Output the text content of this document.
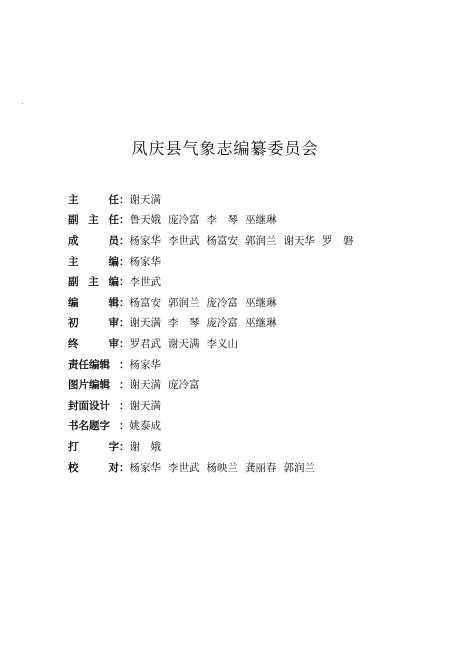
凤庆县气象志编纂委员会
主	任 ： 谢天满
副 主 任 ： 鲁天娥 庞冷富 李　琴 巫继琳
成	员 ： 杨家华 李世武 杨富安 郭润兰 谢天华 罗　磐
主	编 ： 杨家华
副 主 编 ： 李世武
编	辑 ： 杨富安 郭润兰 庞冷富 巫继琳
初	审 ： 谢天满 李　琴 庞冷富 巫继琳
终	审 ： 罗君武 谢天满 李义山
责任编辑 ： 杨家华
图片编辑 ： 谢天满 庞冷富
封面设计 ： 谢天满
书名题字 ： 姚泰成
打	字 ： 谢　娥
校	对 ： 杨家华 李世武 杨映兰 龚丽春 郭润兰
